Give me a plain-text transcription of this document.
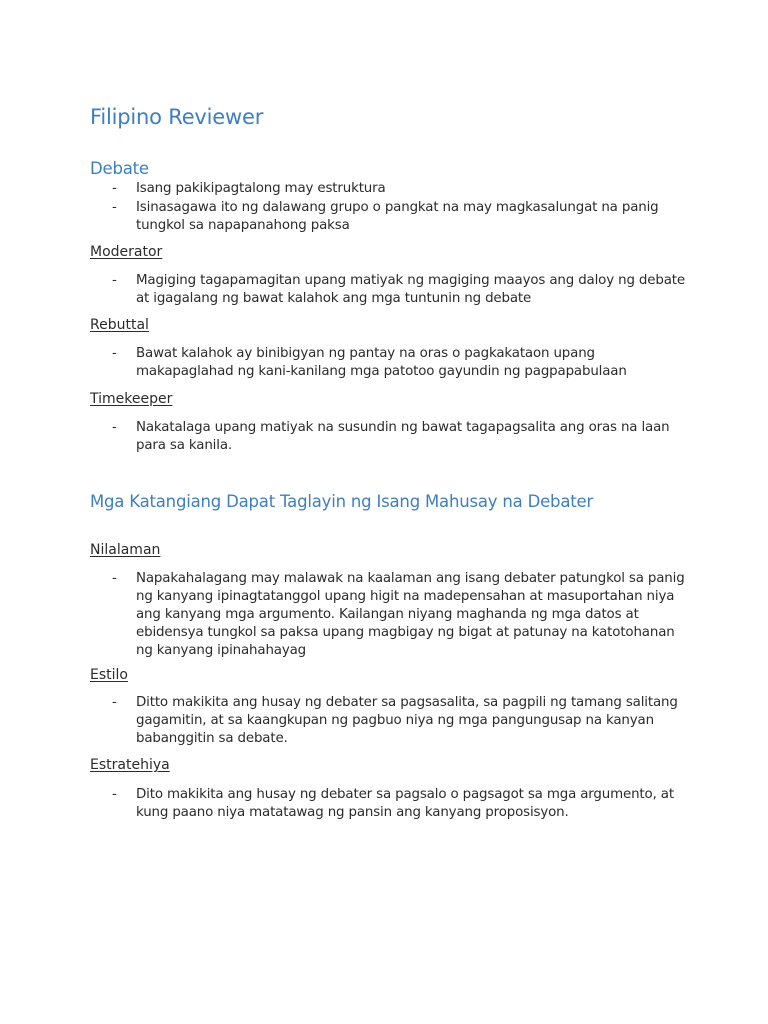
Filipino Reviewer
Debate
- Isang pakikipagtalong may estruktura
- Isinasagawa ito ng dalawang grupo o pangkat na may magkasalungat na panig tungkol sa napapanahong paksa
Moderator
- Magiging tagapamagitan upang matiyak ng magiging maayos ang daloy ng debate at igagalang ng bawat kalahok ang mga tuntunin ng debate
Rebuttal
- Bawat kalahok ay binibigyan ng pantay na oras o pagkakataon upang makapaglahad ng kani-kanilang mga patotoo gayundin ng pagpapabulaan
Timekeeper
- Nakatalaga upang matiyak na susundin ng bawat tagapagsalita ang oras na laan para sa kanila.
Mga Katangiang Dapat Taglayin ng Isang Mahusay na Debater
Nilalaman
- Napakahalagang may malawak na kaalaman ang isang debater patungkol sa panig ng kanyang ipinagtatanggol upang higit na madepensahan at masuportahan niya ang kanyang mga argumento. Kailangan niyang maghanda ng mga datos at ebidensya tungkol sa paksa upang magbigay ng bigat at patunay na katotohanan ng kanyang ipinahahayag
Estilo
- Ditto makikita ang husay ng debater sa pagsasalita, sa pagpili ng tamang salitang gagamitin, at sa kaangkupan ng pagbuo niya ng mga pangungusap na kanyan babanggitin sa debate.
Estratehiya
- Dito makikita ang husay ng debater sa pagsalo o pagsagot sa mga argumento, at kung paano niya matatawag ng pansin ang kanyang proposisyon.
